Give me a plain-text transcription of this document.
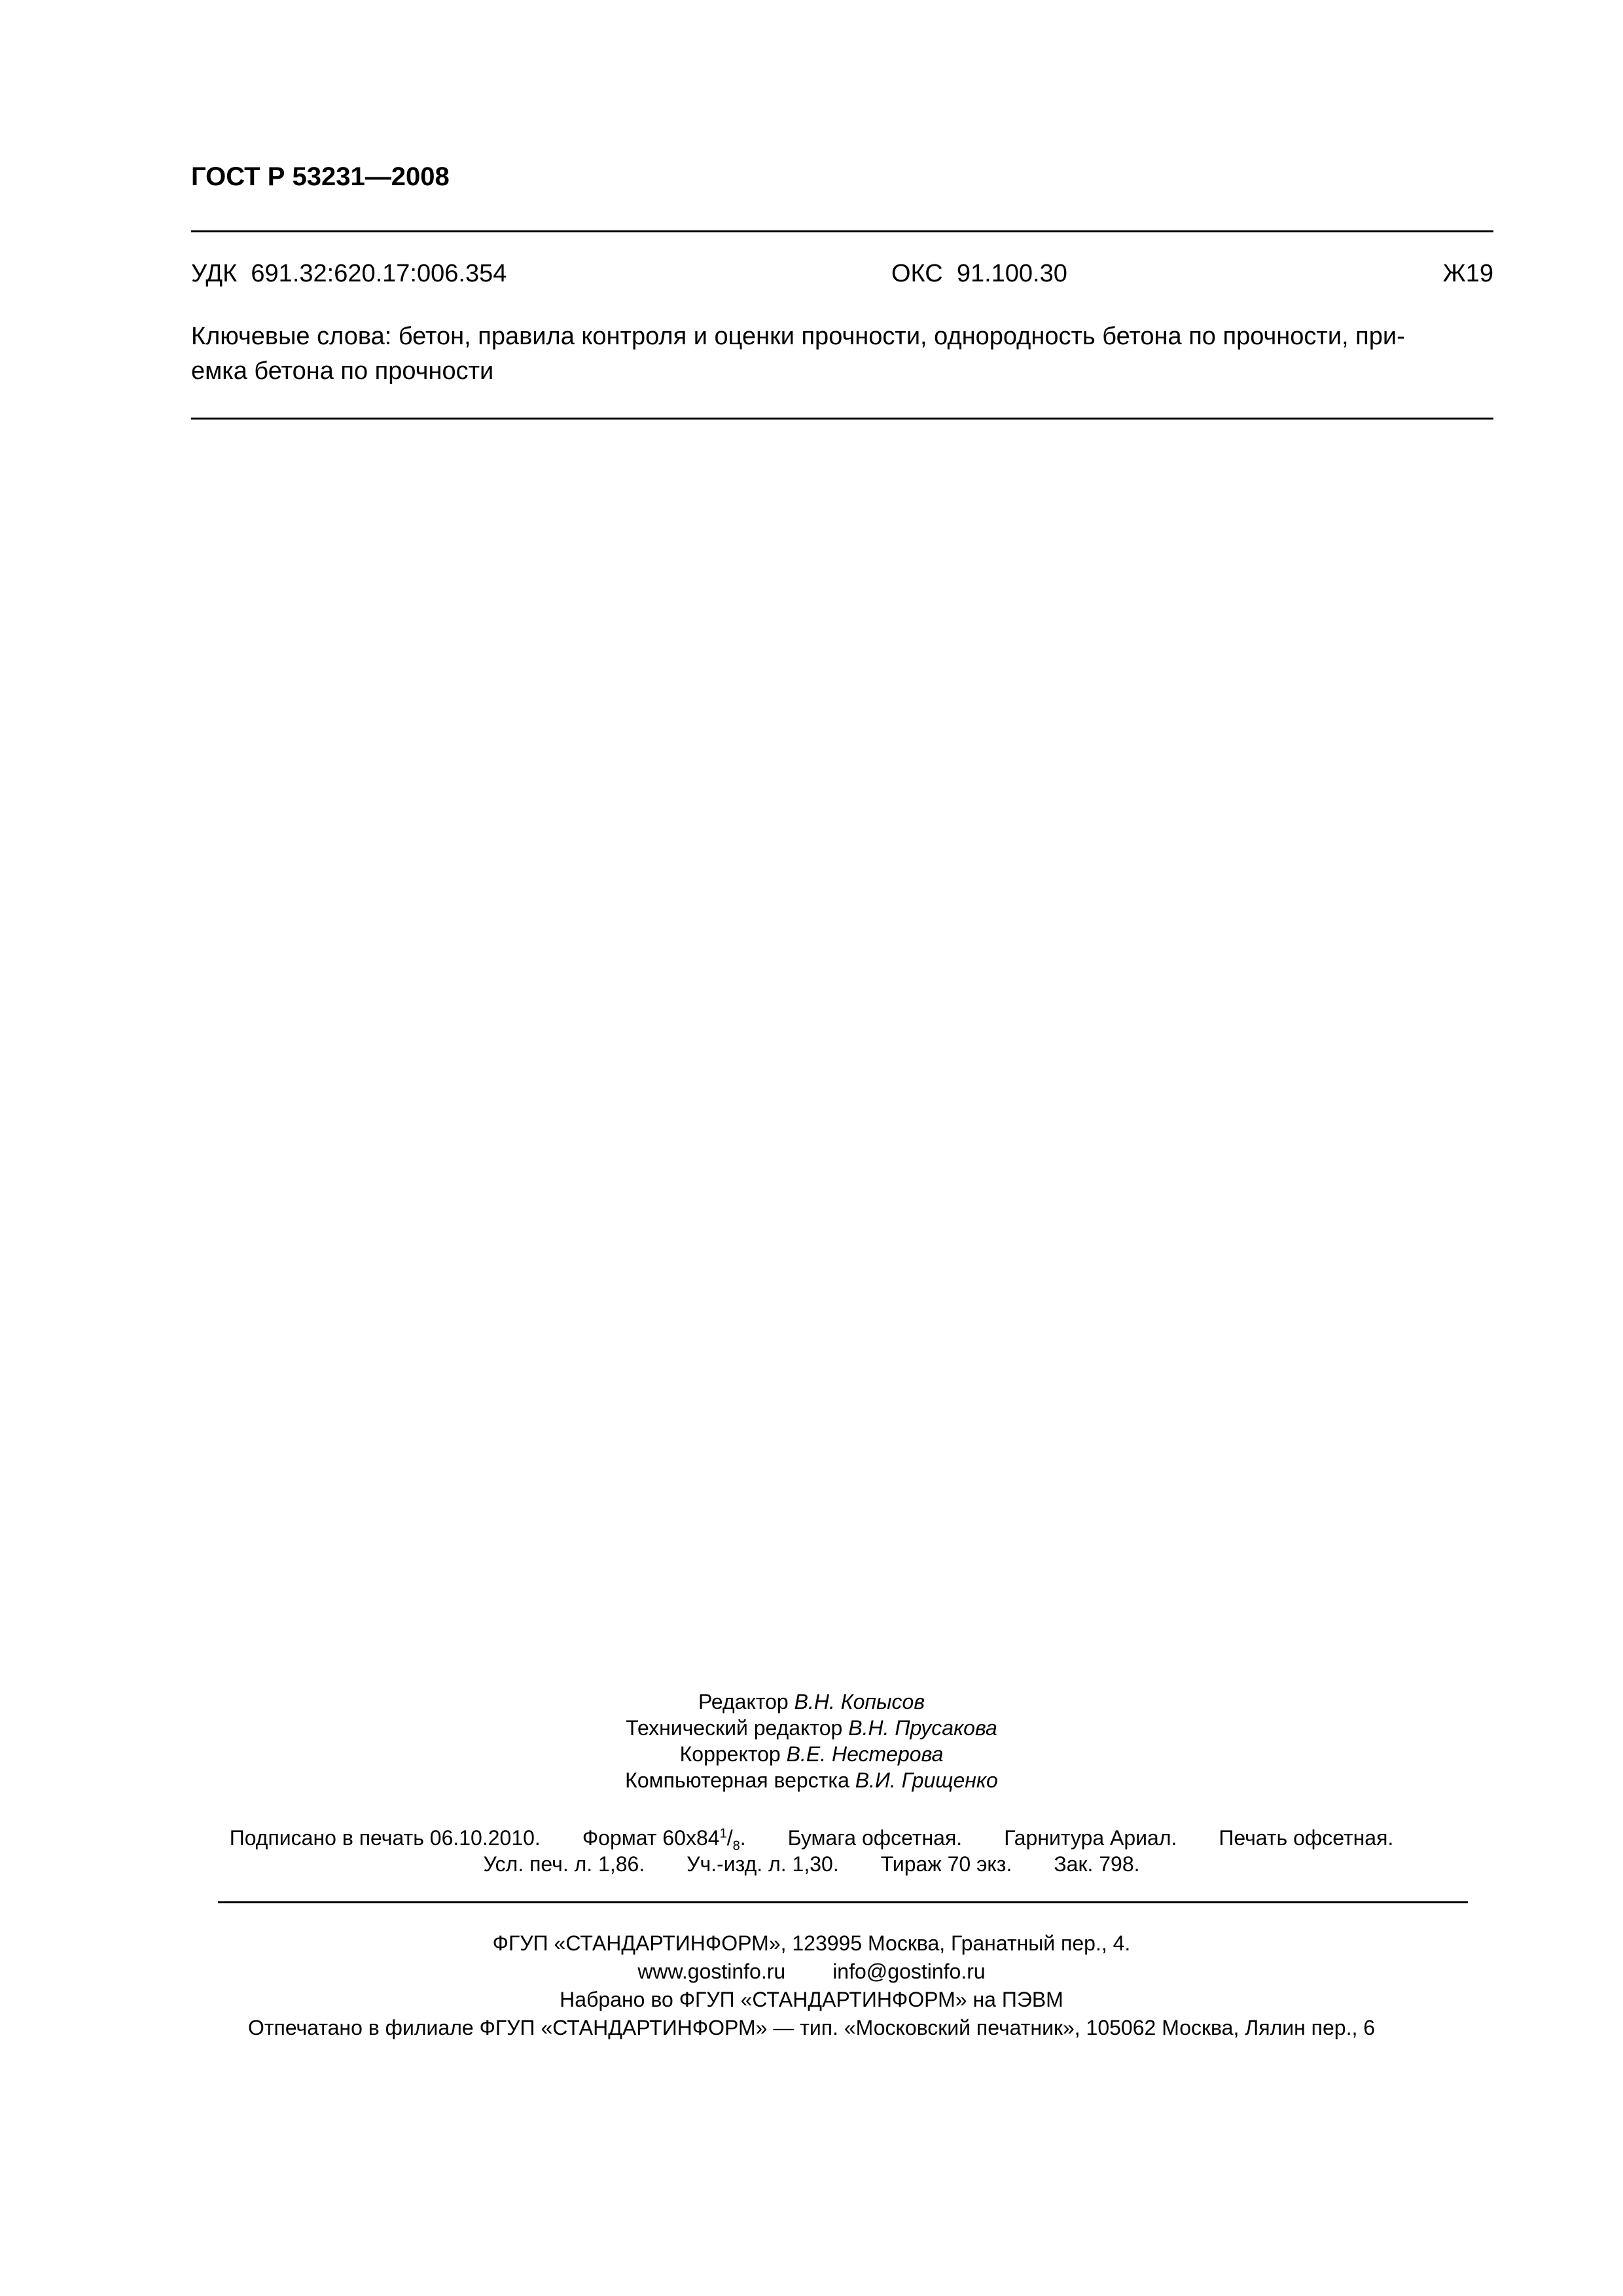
ГОСТ Р 53231—2008
УДК  691.32:620.17:006.354	ОКС  91.100.30	Ж19
Ключевые слова: бетон, правила контроля и оценки прочности, однородность бетона по прочности, при-
емка бетона по прочности
Редактор В.Н. Копысов
Технический редактор В.Н. Прусакова
Корректор В.Е. Нестерова
Компьютерная верстка В.И. Грищенко
Подписано в печать 06.10.2010. Формат $60х84^1/_8$. Бумага офсетная. Гарнитура Ариал. Печать офсетная.
Усл. печ. л. 1,86. Уч.-изд. л. 1,30. Тираж 70 экз. Зак. 798.
ФГУП «СТАНДАРТИНФОРМ», 123995 Москва, Гранатный пер., 4.
www.gostinfo.ru info@gostinfo.ru
Набрано во ФГУП «СТАНДАРТИНФОРМ» на ПЭВМ
Отпечатано в филиале ФГУП «СТАНДАРТИНФОРМ» — тип. «Московский печатник», 105062 Москва, Лялин пер., 6
